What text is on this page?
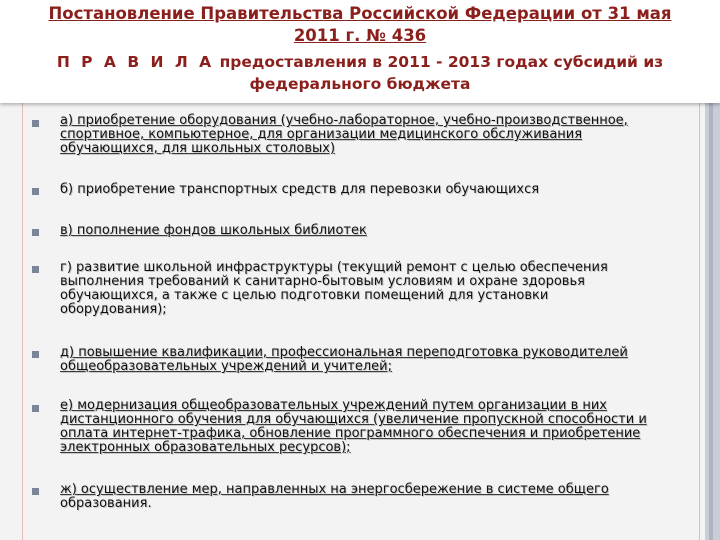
Постановление Правительства Российской Федерации от 31 мая
2011 г. № 436
П Р А В И Л А предоставления в 2011 - 2013 годах субсидий из
федерального бюджета
а) приобретение оборудования (учебно-лабораторное, учебно-производственное,
спортивное, компьютерное, для организации медицинского обслуживания
обучающихся, для школьных столовых)
б) приобретение транспортных средств для перевозки обучающихся
в) пополнение фондов школьных библиотек
г) развитие школьной инфраструктуры (текущий ремонт с целью обеспечения
выполнения требований к санитарно-бытовым условиям и охране здоровья
обучающихся, а также с целью подготовки помещений для установки
оборудования);
д) повышение квалификации, профессиональная переподготовка руководителей
общеобразовательных учреждений и учителей;
е) модернизация общеобразовательных учреждений путем организации в них
дистанционного обучения для обучающихся (увеличение пропускной способности и
оплата интернет-трафика, обновление программного обеспечения и приобретение
электронных образовательных ресурсов);
ж) осуществление мер, направленных на энергосбережение в системе общего
образования.
